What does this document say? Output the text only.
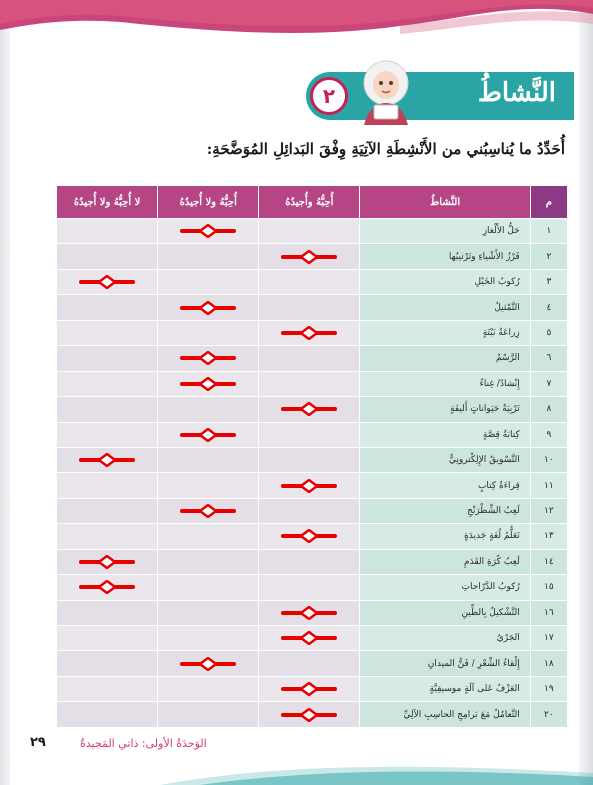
النَّشاطُ
٢
أُحَدِّدُ ما يُناسِبُني من الأَنْشِطَةِ الآتِيَةِ وِفْقَ البَدائِلِ المُوَضَّحَةِ:
م	النَّشاطُ	أُحِبُّهُ وأُجيدُهُ	أُحِبُّهُ ولا أُجيدُهُ	لا أُحِبُّهُ ولا أُجيدُهُ
١	حَلُّ الأَلْغازِ		

٢	فَرْزُ الأَشْياءِ وتَرْتيبُها	

٣	رُكوبُ الخَيْلِ			

٤	التَّمْثيلُ		

٥	زِراعَةُ نَبْتَةٍ	

٦	الرَّسْمُ		

٧	إِنْشادٌ/ غِناءٌ		

٨	تَرْبِيَةُ حَيَواناتٍ أَليفَةٍ	

٩	كِتابَةُ قِصَّةٍ		

١٠	التَّسْويقُ الإِلِكْترونِيُّ			

١١	قِراءَةُ كِتابٍ	

١٢	لَعِبُ الشِّطْرَنْجِ		

١٣	تَعَلُّمُ لُغَةٍ جَديدَةٍ	

١٤	لَعِبُ كُرَةِ القَدَمِ			

١٥	رُكوبُ الدَّرّاجاتِ			

١٦	التَّشْكيلُ بِالطِّينِ	

١٧	الجَرْيُ	

١٨	إِلْقاءُ الشِّعْرِ / فَنُّ الميدانِ		

١٩	العَزْفُ عَلى آلَةٍ موسيقِيَّةٍ	

٢٠	التَّعامُلُ مَعَ بَرامِجِ الحاسِبِ الآلِيِّ	

الوَحدَةُ الأولى: ذاتي المَجيدةُ
٢٩
